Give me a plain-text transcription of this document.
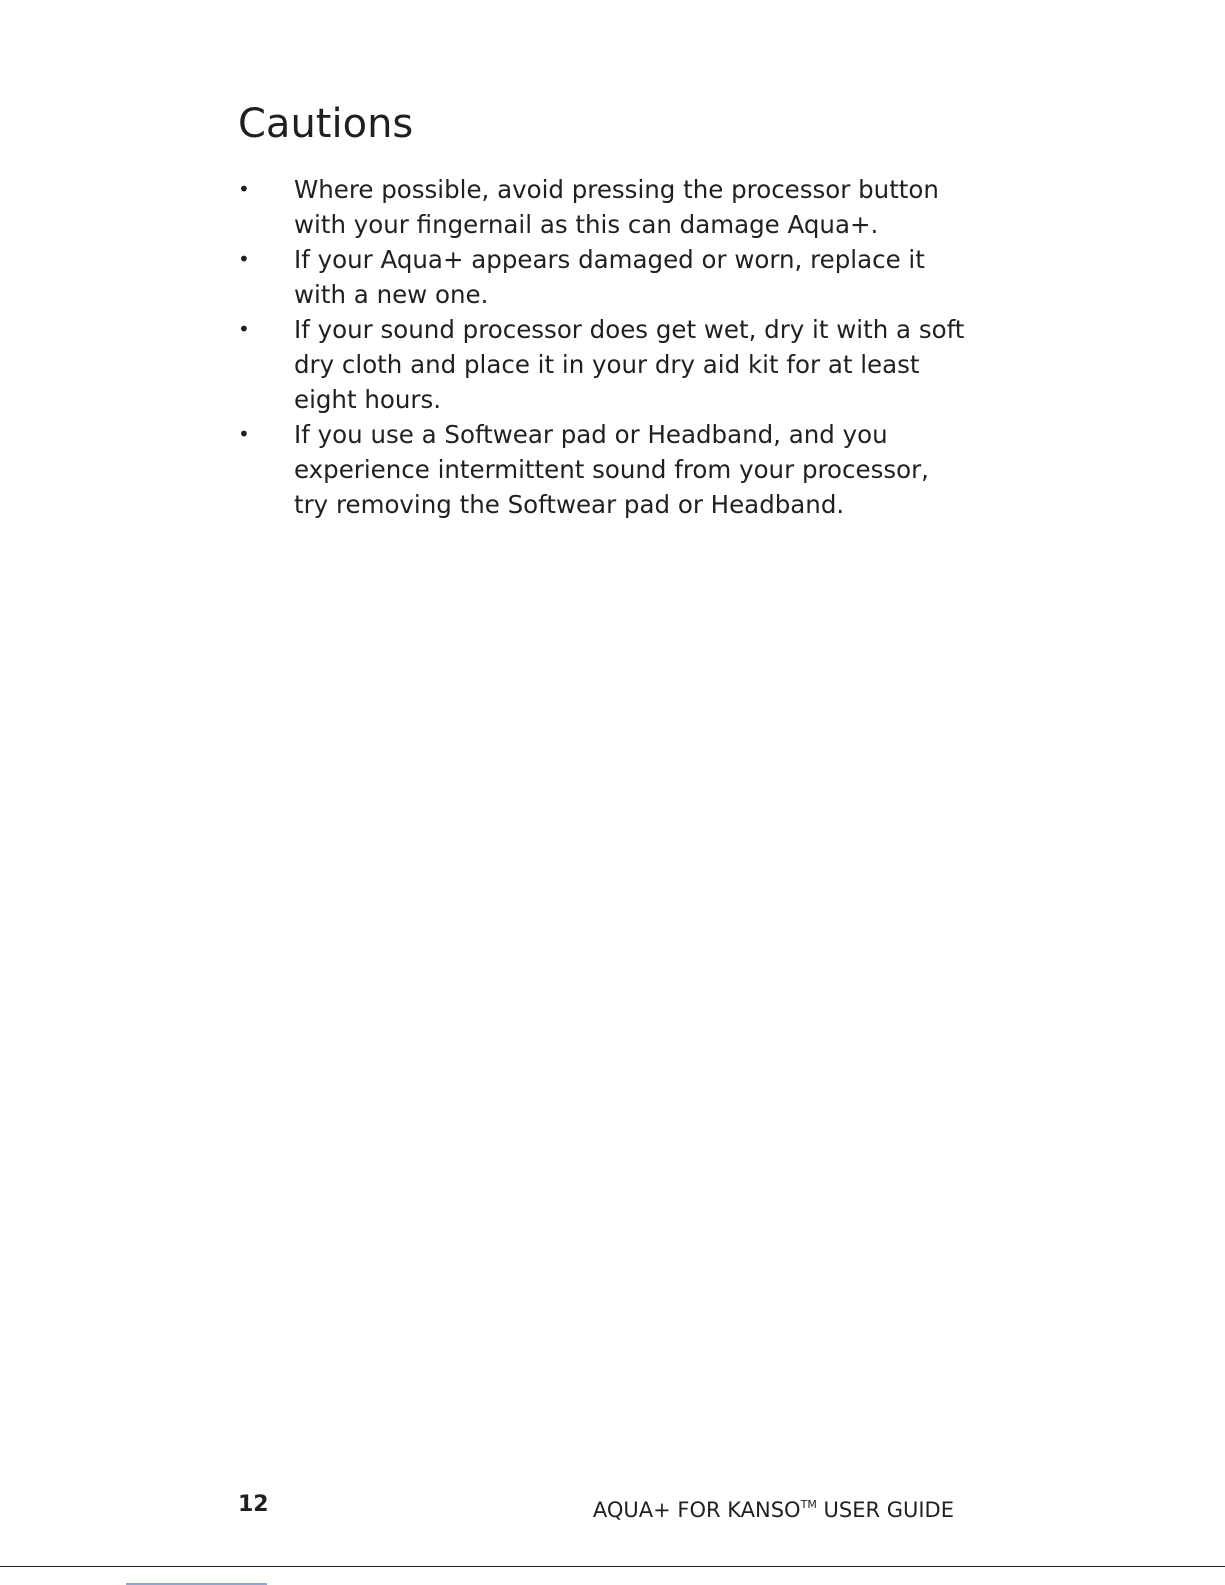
Cautions
• Where possible, avoid pressing the processor button with your fingernail as this can damage Aqua+.
• If your Aqua+ appears damaged or worn, replace it with a new one.
• If your sound processor does get wet, dry it with a soft dry cloth and place it in your dry aid kit for at least eight hours.
• If you use a Softwear pad or Headband, and you experience intermittent sound from your processor, try removing the Softwear pad or Headband.
12	AQUA+ FOR KANSO™ USER GUIDE
